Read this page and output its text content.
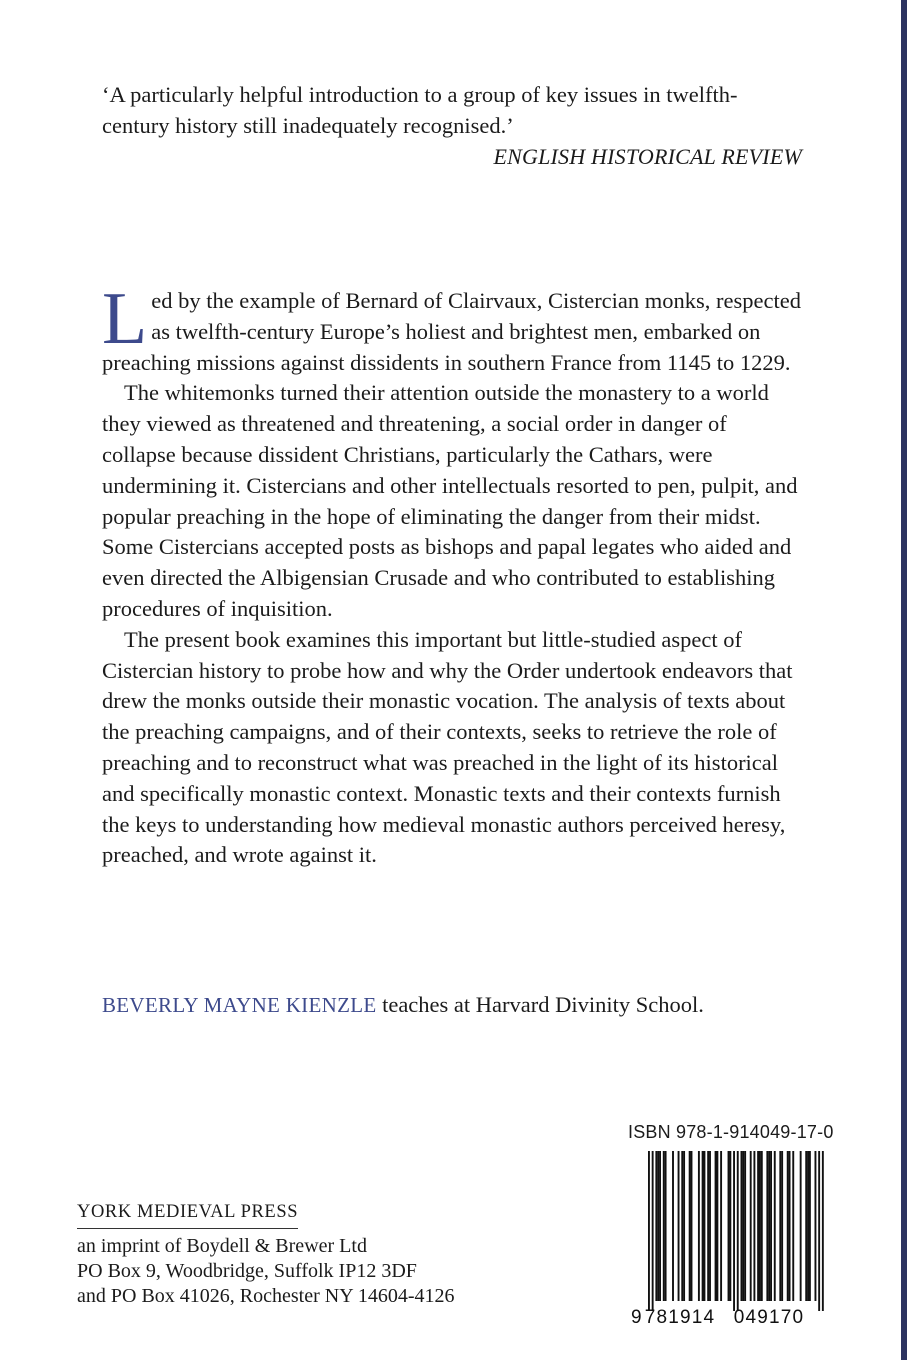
‘A particularly helpful introduction to a group of key issues in twelfth-century history still inadequately recognised.’

ENGLISH HISTORICAL REVIEW

Led by the example of Bernard of Clairvaux, Cistercian monks, respected as twelfth-century Europe’s holiest and brightest men, embarked on preaching missions against dissidents in southern France from 1145 to 1229.

The whitemonks turned their attention outside the monastery to a world they viewed as threatened and threatening, a social order in danger of collapse because dissident Christians, particularly the Cathars, were undermining it. Cistercians and other intellectuals resorted to pen, pulpit, and popular preaching in the hope of eliminating the danger from their midst. Some Cistercians accepted posts as bishops and papal legates who aided and even directed the Albigensian Crusade and who contributed to establishing procedures of inquisition.

The present book examines this important but little-studied aspect of Cistercian history to probe how and why the Order undertook endeavors that drew the monks outside their monastic vocation. The analysis of texts about the preaching campaigns, and of their contexts, seeks to retrieve the role of preaching and to reconstruct what was preached in the light of its historical and specifically monastic context. Monastic texts and their contexts furnish the keys to understanding how medieval monastic authors perceived heresy, preached, and wrote against it.

BEVERLY MAYNE KIENZLE teaches at Harvard Divinity School.
YORK MEDIEVAL PRESS
an imprint of Boydell & Brewer Ltd
PO Box 9, Woodbridge, Suffolk IP12 3DF
and PO Box 41026, Rochester NY 14604-4126
ISBN 978-1-914049-17-0
9 781914 049170
